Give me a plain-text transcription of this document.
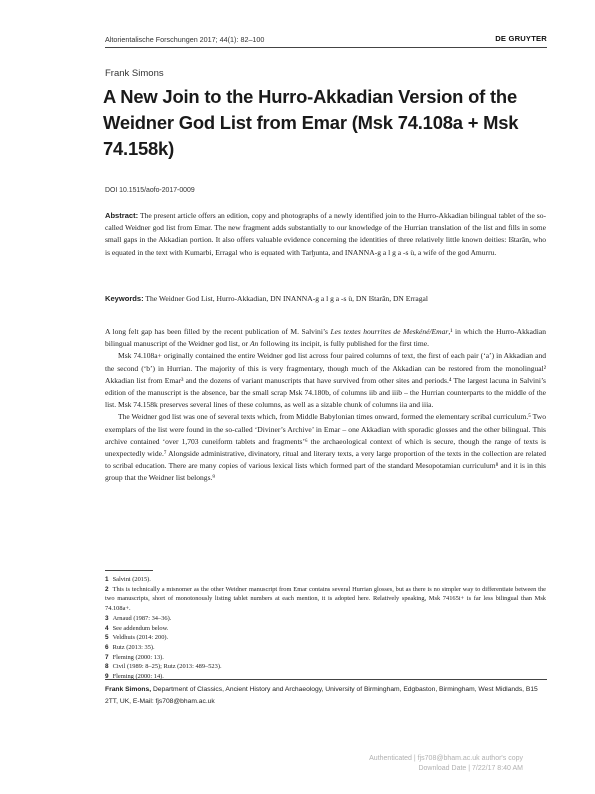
Altorientalische Forschungen 2017; 44(1): 82–100	DE GRUYTER
Frank Simons
A New Join to the Hurro-Akkadian Version of the Weidner God List from Emar (Msk 74.108a + Msk 74.158k)
DOI 10.1515/aofo-2017-0009
Abstract: The present article offers an edition, copy and photographs of a newly identified join to the Hurro-Akkadian bilingual tablet of the so-called Weidner god list from Emar. The new fragment adds substantially to our knowledge of the Hurrian translation of the list and fills in some small gaps in the Akkadian portion. It also offers valuable evidence concerning the identities of three relatively little known deities: Ištarān, who is equated in the text with Kumarbi, Erragal who is equated with Tarḫunta, and INANNA-g a l g a -s ù, a wife of the god Amurru.
Keywords: The Weidner God List, Hurro-Akkadian, DN INANNA-g a l g a -s ù, DN Ištarān, DN Erragal

A long felt gap has been filled by the recent publication of M. Salvini’s Les textes hourrites de Meskéné/Emar,¹ in which the Hurro-Akkadian bilingual manuscript of the Weidner god list, or An following its incipit, is fully published for the first time.

Msk 74.108a+ originally contained the entire Weidner god list across four paired columns of text, the first of each pair (‘a’) in Akkadian and the second (‘b’) in Hurrian. The majority of this is very fragmentary, though much of the Akkadian can be restored from the monolingual² Akkadian list from Emar³ and the dozens of variant manuscripts that have survived from other sites and periods.⁴ The largest lacuna in Salvini’s edition of the manuscript is the absence, bar the small scrap Msk 74.180b, of columns iib and iiib – the Hurrian counterparts to the middle of the list. Msk 74.158k preserves several lines of these columns, as well as a sizable chunk of columns iia and iiia.

The Weidner god list was one of several texts which, from Middle Babylonian times onward, formed the elementary scribal curriculum.⁵ Two exemplars of the list were found in the so-called ‘Diviner’s Archive’ in Emar – one Akkadian with sporadic glosses and the other bilingual. This archive contained ‘over 1,703 cuneiform tablets and fragments’⁶ the archaeological context of which is secure, though the range of texts is unexpectedly wide.⁷ Alongside administrative, divinatory, ritual and literary texts, a very large proportion of the texts in the collection are related to scribal education. There are many copies of various lexical lists which formed part of the standard Mesopotamian curriculum⁸ and it is in this group that the Weidner list belongs.⁹

1 Salvini (2015).
2 This is technically a misnomer as the other Weidner manuscript from Emar contains several Hurrian glosses, but as there is no simpler way to differentiate between the two manuscripts, short of monotonously listing tablet numbers at each mention, it is adopted here. Relatively speaking, Msk 74165i+ is far less bilingual than Msk 74.108a+.
3 Arnaud (1987: 34–36).
4 See addendum below.
5 Veldhuis (2014: 200).
6 Rutz (2013: 35).
7 Fleming (2000: 13).
8 Civil (1989: 8–25); Rutz (2013: 489–523).
9 Fleming (2000: 14).
Frank Simons, Department of Classics, Ancient History and Archaeology, University of Birmingham, Edgbaston, Birmingham, West Midlands, B15 2TT, UK, E-Mail: fjs708@bham.ac.uk
Authenticated | fjs708@bham.ac.uk author's copy
Download Date | 7/22/17 8:40 AM
